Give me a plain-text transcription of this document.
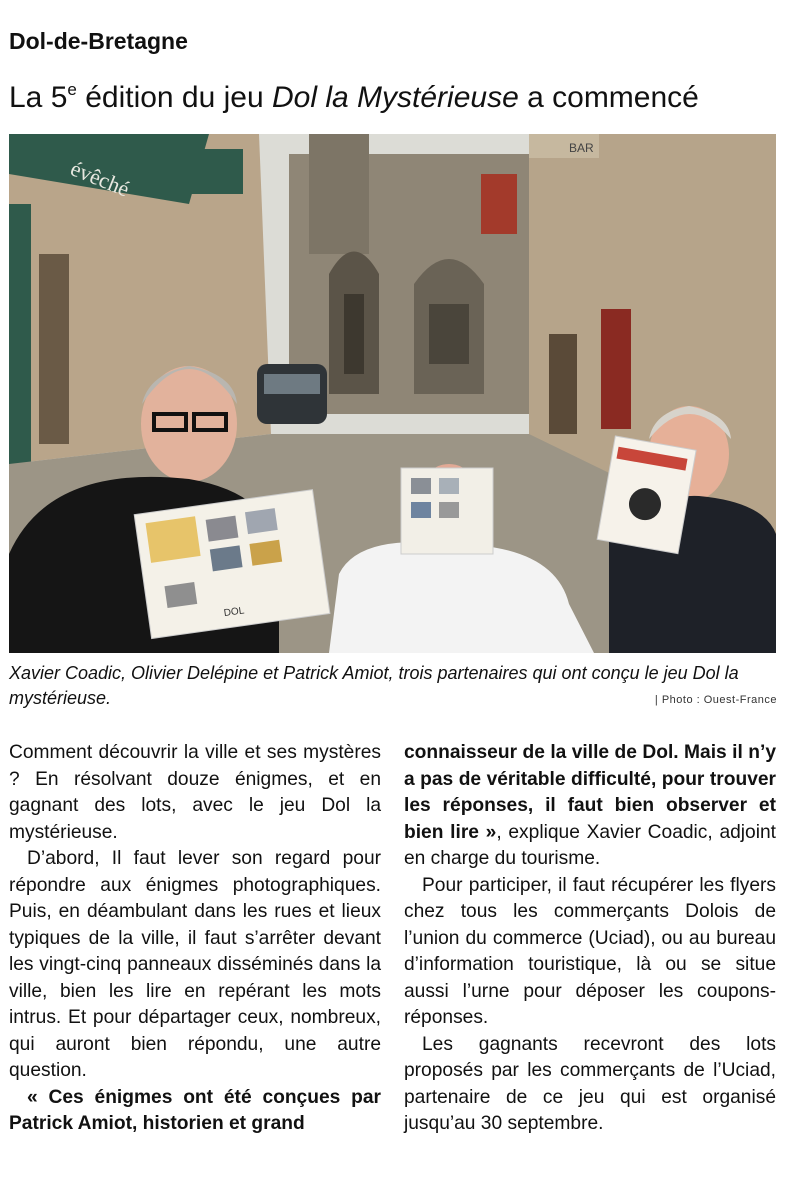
Dol-de-Bretagne
La 5e édition du jeu Dol la Mystérieuse a commencé
évêché
BAR
DOL
Xavier Coadic, Olivier Delépine et Patrick Amiot, trois partenaires qui ont conçu le jeu Dol la mystérieuse.	| Photo : Ouest-France

Comment découvrir la ville et ses mystères ? En résolvant douze énigmes, et en gagnant des lots, avec le jeu Dol la mystérieuse.

D’abord, Il faut lever son regard pour répondre aux énigmes photographiques. Puis, en déambulant dans les rues et lieux typiques de la ville, il faut s’arrêter devant les vingt-cinq panneaux disséminés dans la ville, bien les lire en repérant les mots intrus. Et pour départager ceux, nombreux, qui auront bien répondu, une autre question.

« Ces énigmes ont été conçues par Patrick Amiot, historien et grand

connaisseur de la ville de Dol. Mais il n’y a pas de véritable difficulté, pour trouver les réponses, il faut bien observer et bien lire », explique Xavier Coadic, adjoint en charge du tourisme.

Pour participer, il faut récupérer les flyers chez tous les commerçants Dolois de l’union du commerce (Uciad), ou au bureau d’information touristique, là ou se situe aussi l’urne pour déposer les coupons-réponses.

Les gagnants recevront des lots proposés par les commerçants de l’Uciad, partenaire de ce jeu qui est organisé jusqu’au 30 septembre.
